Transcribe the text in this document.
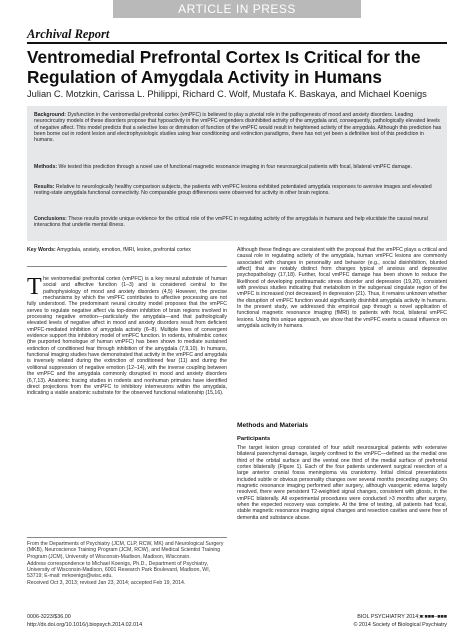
ARTICLE IN PRESS
Archival Report
Ventromedial Prefrontal Cortex Is Critical for the Regulation of Amygdala Activity in Humans
Julian C. Motzkin, Carissa L. Philippi, Richard C. Wolf, Mustafa K. Baskaya, and Michael Koenigs

Background: Dysfunction in the ventromedial prefrontal cortex (vmPFC) is believed to play a pivotal role in the pathogenesis of mood and anxiety disorders. Leading neurocircuitry models of these disorders propose that hypoactivity in the vmPFC engenders disinhibited activity of the amygdala and, consequently, pathologically elevated levels of negative affect. This model predicts that a selective loss or diminution of function of the vmPFC would result in heightened activity of the amygdala. Although this prediction has been borne out in rodent lesion and electrophysiologic studies using fear conditioning and extinction paradigms, there has not yet been a definitive test of this prediction in humans.

Methods: We tested this prediction through a novel use of functional magnetic resonance imaging in four neurosurgical patients with focal, bilateral vmPFC damage.

Results: Relative to neurologically healthy comparison subjects, the patients with vmPFC lesions exhibited potentiated amygdala responses to aversive images and elevated resting-state amygdala functional connectivity. No comparable group differences were observed for activity in other brain regions.

Conclusions: These results provide unique evidence for the critical role of the vmPFC in regulating activity of the amygdala in humans and help elucidate the causal neural interactions that underlie mental illness.

Key Words: Amygdala, anxiety, emotion, fMRI, lesion, prefrontal cortex
The ventromedial prefrontal cortex (vmPFC) is a key neural substrate of human social and affective function (1–3) and is considered central to the pathophysiology of mood and anxiety disorders (4,5) However, the precise mechanisms by which the vmPFC contributes to affective processing are not fully understood. The predominant neural circuitry model proposes that the vmPFC serves to regulate negative affect via top-down inhibition of brain regions involved in processing negative emotion—particularly the amygdala—and that pathologically elevated levels of negative affect in mood and anxiety disorders result from deficient vmPFC-mediated inhibition of amygdala activity (6–8). Multiple lines of convergent evidence support this inhibitory model of vmPFC function. In rodents, infralimbic cortex (the purported homologue of human vmPFC) has been shown to mediate sustained extinction of conditioned fear through inhibition of the amygdala (7,9,10). In humans, functional imaging studies have demonstrated that activity in the vmPFC and amygdala is inversely related during the extinction of conditioned fear (11) and during the volitional suppression of negative emotion (12–14), with the inverse coupling between the vmPFC and the amygdala commonly disrupted in mood and anxiety disorders (6,7,13). Anatomic tracing studies in rodents and nonhuman primates have identified direct projections from the vmPFC to inhibitory interneurons within the amygdala, indicating a viable anatomic substrate for the observed functional relationship (15,16).

From the Departments of Psychiatry (JCM, CLP, RCW, MK) and Neurological Surgery (MKB), Neuroscience Training Program (JCM, RCW), and Medical Scientist Training Program (JCM), University of Wisconsin-Madison, Madison, Wisconsin.

Address correspondence to Michael Koenigs, Ph.D., Department of Psychiatry, University of Wisconsin-Madison, 6001 Research Park Boulevard, Madison, WI, 53719; E-mail: mrkoenigs@wisc.edu.

Received Oct 3, 2013; revised Jan 23, 2014; accepted Feb 19, 2014.

Although these findings are consistent with the proposal that the vmPFC plays a critical and causal role in regulating activity of the amygdala, human vmPFC lesions are commonly associated with changes in personality and behavior (e.g., social disinhibition, blunted affect) that are notably distinct from changes typical of anxious and depressive psychopathology (17,18). Further, focal vmPFC damage has been shown to reduce the likelihood of developing posttraumatic stress disorder and depression (19,20), consistent with previous studies indicating that metabolism in the subgenual cingulate region of the vmPFC is increased (not decreased) in depression (21). Thus, it remains unknown whether the disruption of vmPFC function would significantly disinhibit amygdala activity in humans. In the present study, we addressed this empirical gap through a novel application of functional magnetic resonance imaging (fMRI) to patients with focal, bilateral vmPFC lesions. Using this unique approach, we show that the vmPFC exerts a causal influence on amygdala activity in humans.
Methods and Materials
Participants
The target lesion group consisted of four adult neurosurgical patients with extensive bilateral parenchymal damage, largely confined to the vmPFC—defined as the medial one third of the orbital surface and the ventral one third of the medial surface of prefrontal cortex bilaterally (Figure 1). Each of the four patients underwent surgical resection of a large anterior cranial fossa meningioma via craniotomy. Initial clinical presentations included subtle or obvious personality changes over several months preceding surgery. On magnetic resonance imaging performed after surgery, although vasogenic edema largely resolved, there were persistent T2-weighted signal changes, consistent with gliosis, in the vmPFC bilaterally. All experimental procedures were conducted >3 months after surgery, when the expected recovery was complete. At the time of testing, all patients had focal, stable magnetic resonance imaging signal changes and resection cavities and were free of dementia and substance abuse.
0006-3223/$36.00
http://dx.doi.org/10.1016/j.biopsych.2014.02.014
BIOL PSYCHIATRY 2014;■:■■■–■■■
© 2014 Society of Biological Psychiatry
